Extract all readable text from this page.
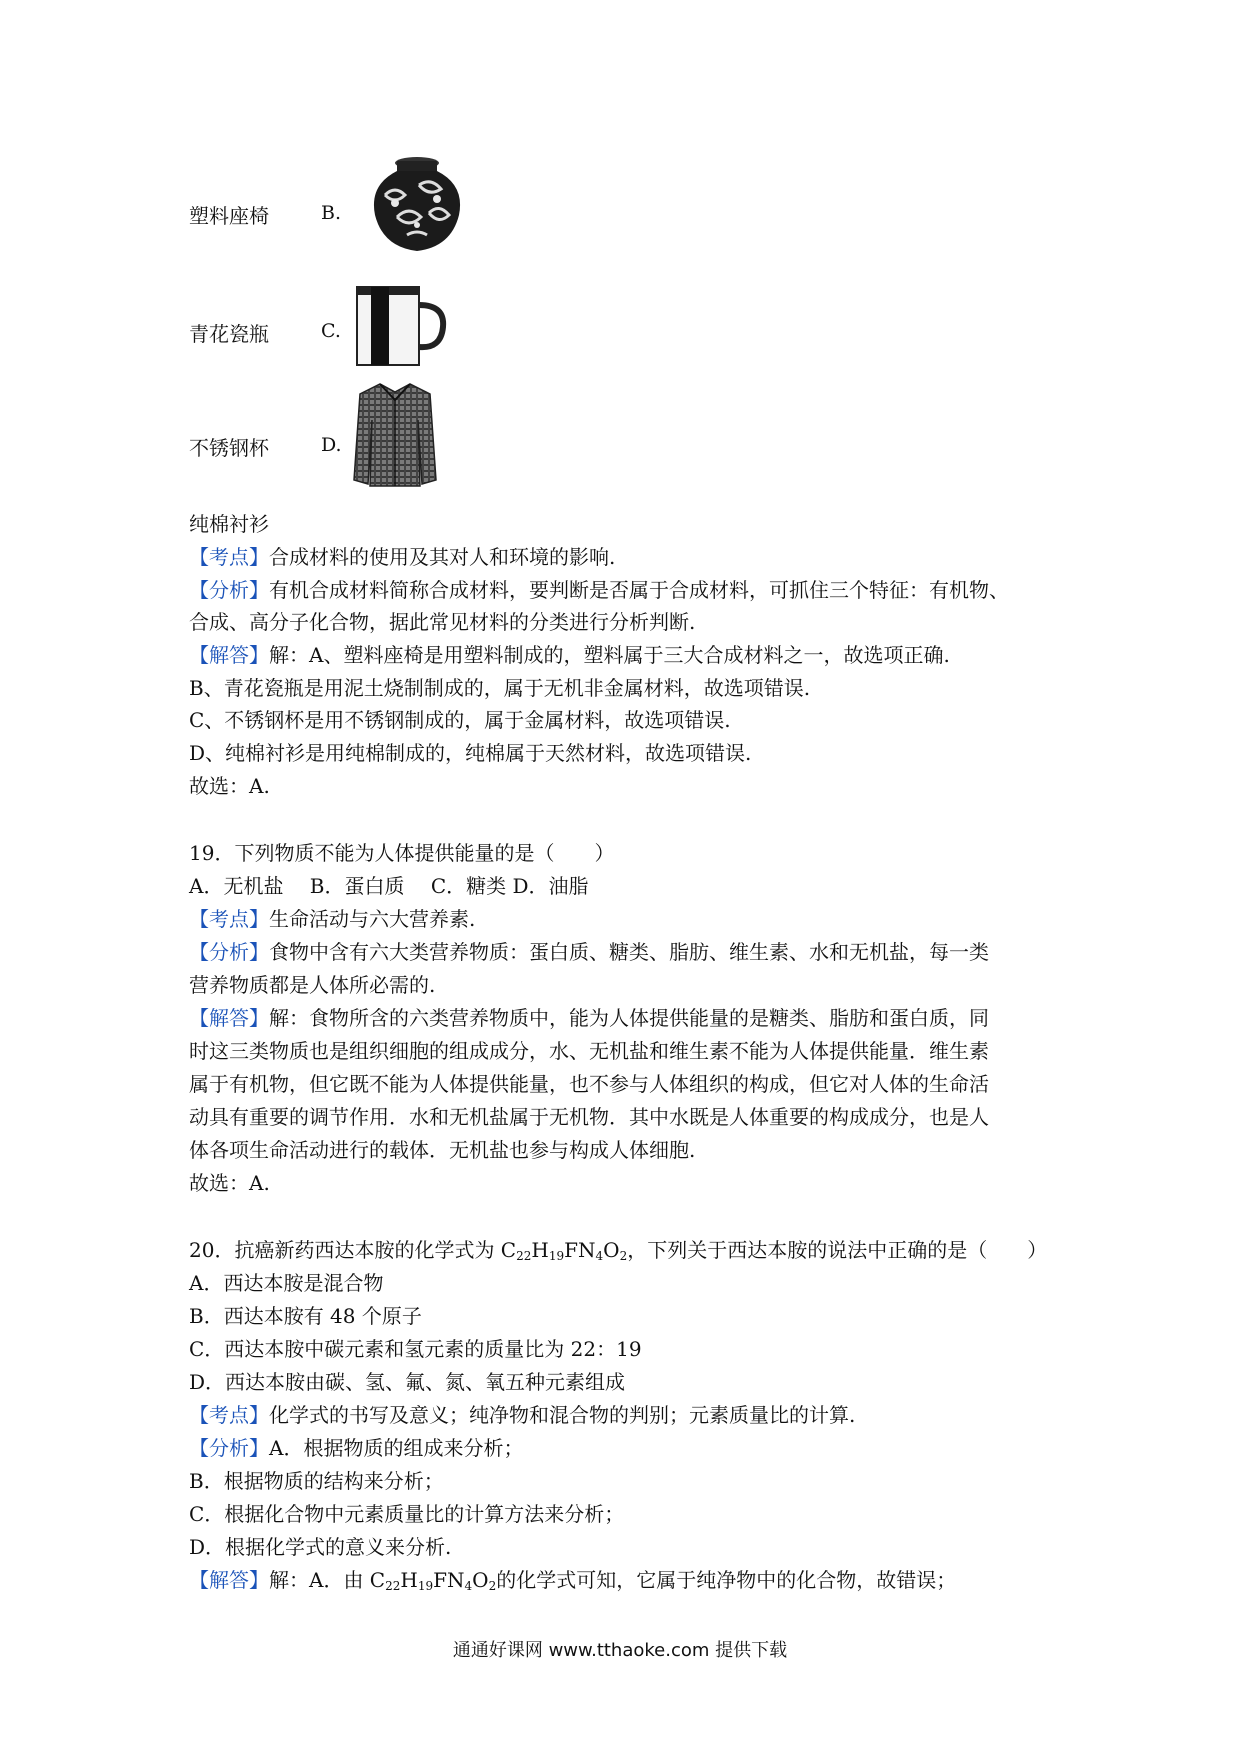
塑料座椅	B.
青花瓷瓶	C.
不锈钢杯	D.
纯棉衬衫
【考点】合成材料的使用及其对人和环境的影响.
【分析】有机合成材料简称合成材料，要判断是否属于合成材料，可抓住三个特征：有机物、
合成、高分子化合物，据此常见材料的分类进行分析判断.
【解答】解：A、塑料座椅是用塑料制成的，塑料属于三大合成材料之一，故选项正确.
B、青花瓷瓶是用泥土烧制制成的，属于无机非金属材料，故选项错误.
C、不锈钢杯是用不锈钢制成的，属于金属材料，故选项错误.
D、纯棉衬衫是用纯棉制成的，纯棉属于天然材料，故选项错误.
故选：A.
19．下列物质不能为人体提供能量的是（　　）
A．无机盐　 B．蛋白质　 C．糖类 D．油脂
【考点】生命活动与六大营养素.
【分析】食物中含有六大类营养物质：蛋白质、糖类、脂肪、维生素、水和无机盐，每一类
营养物质都是人体所必需的.
【解答】解：食物所含的六类营养物质中，能为人体提供能量的是糖类、脂肪和蛋白质，同
时这三类物质也是组织细胞的组成成分，水、无机盐和维生素不能为人体提供能量．维生素
属于有机物，但它既不能为人体提供能量，也不参与人体组织的构成，但它对人体的生命活
动具有重要的调节作用．水和无机盐属于无机物．其中水既是人体重要的构成成分，也是人
体各项生命活动进行的载体．无机盐也参与构成人体细胞.
故选：A.
20．抗癌新药西达本胺的化学式为 $C_{22}H_{19}FN_4O_2$，下列关于西达本胺的说法中正确的是（　　）
A．西达本胺是混合物
B．西达本胺有 48 个原子
C．西达本胺中碳元素和氢元素的质量比为 22：19
D．西达本胺由碳、氢、氟、氮、氧五种元素组成
【考点】化学式的书写及意义；纯净物和混合物的判别；元素质量比的计算.
【分析】A．根据物质的组成来分析；
B．根据物质的结构来分析；
C．根据化合物中元素质量比的计算方法来分析；
D．根据化学式的意义来分析.
【解答】解：A．由 $C_{22}H_{19}FN_4O_2$的化学式可知，它属于纯净物中的化合物，故错误；
通通好课网 www.tthaoke.com 提供下载
